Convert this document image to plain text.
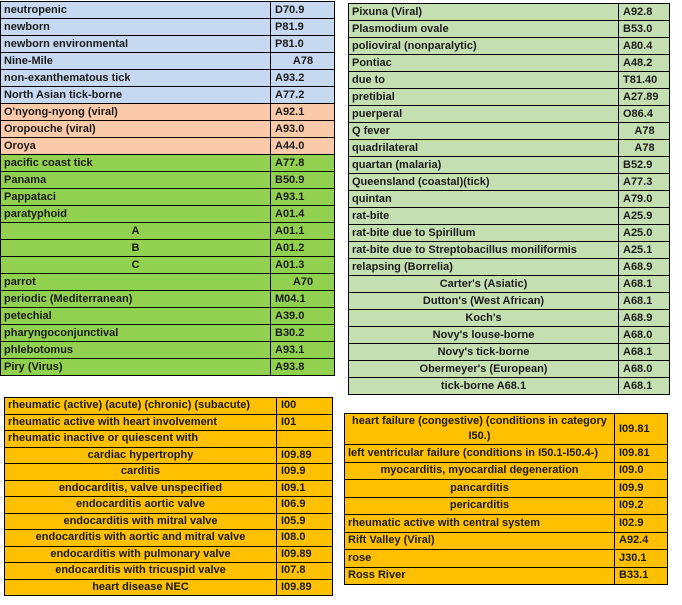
neutropenic	D70.9
newborn	P81.9
newborn environmental	P81.0
Nine-Mile	A78
non-exanthematous tick	A93.2
North Asian tick-borne	A77.2
O'nyong-nyong (viral)	A92.1
Oropouche (viral)	A93.0
Oroya	A44.0
pacific coast tick	A77.8
Panama	B50.9
Pappataci	A93.1
paratyphoid	A01.4
A	A01.1
B	A01.2
C	A01.3
parrot	A70
periodic (Mediterranean)	M04.1
petechial	A39.0
pharyngoconjunctival	B30.2
phlebotomus	A93.1
Piry (Virus)	A93.8
Pixuna (Viral)	A92.8
Plasmodium ovale	B53.0
polioviral (nonparalytic)	A80.4
Pontiac	A48.2
due to	T81.40
pretibial	A27.89
puerperal	O86.4
Q fever	A78
quadrilateral	A78
quartan (malaria)	B52.9
Queensland (coastal)(tick)	A77.3
quintan	A79.0
rat-bite	A25.9
rat-bite due to Spirillum	A25.0
rat-bite due to Streptobacillus moniliformis	A25.1
relapsing (Borrelia)	A68.9
Carter's (Asiatic)	A68.1
Dutton's (West African)	A68.1
Koch's	A68.9
Novy's louse-borne	A68.0
Novy's tick-borne	A68.1
Obermeyer's (European)	A68.0
tick-borne A68.1	A68.1
rheumatic (active) (acute) (chronic) (subacute)	I00
rheumatic active with heart involvement	I01
rheumatic inactive or quiescent with	
cardiac hypertrophy	I09.89
carditis	I09.9
endocarditis, valve unspecified	I09.1
endocarditis aortic valve	I06.9
endocarditis with mitral valve	I05.9
endocarditis with aortic and mitral valve	I08.0
endocarditis with pulmonary valve	I09.89
endocarditis with tricuspid valve	I07.8
heart disease NEC	I09.89
heart failure (congestive) (conditions in category I50.)	I09.81
left ventricular failure (conditions in I50.1-I50.4-)	I09.81
myocarditis, myocardial degeneration	I09.0
pancarditis	I09.9
pericarditis	I09.2
rheumatic active with central system	I02.9
Rift Valley (Viral)	A92.4
rose	J30.1
Ross River	B33.1
